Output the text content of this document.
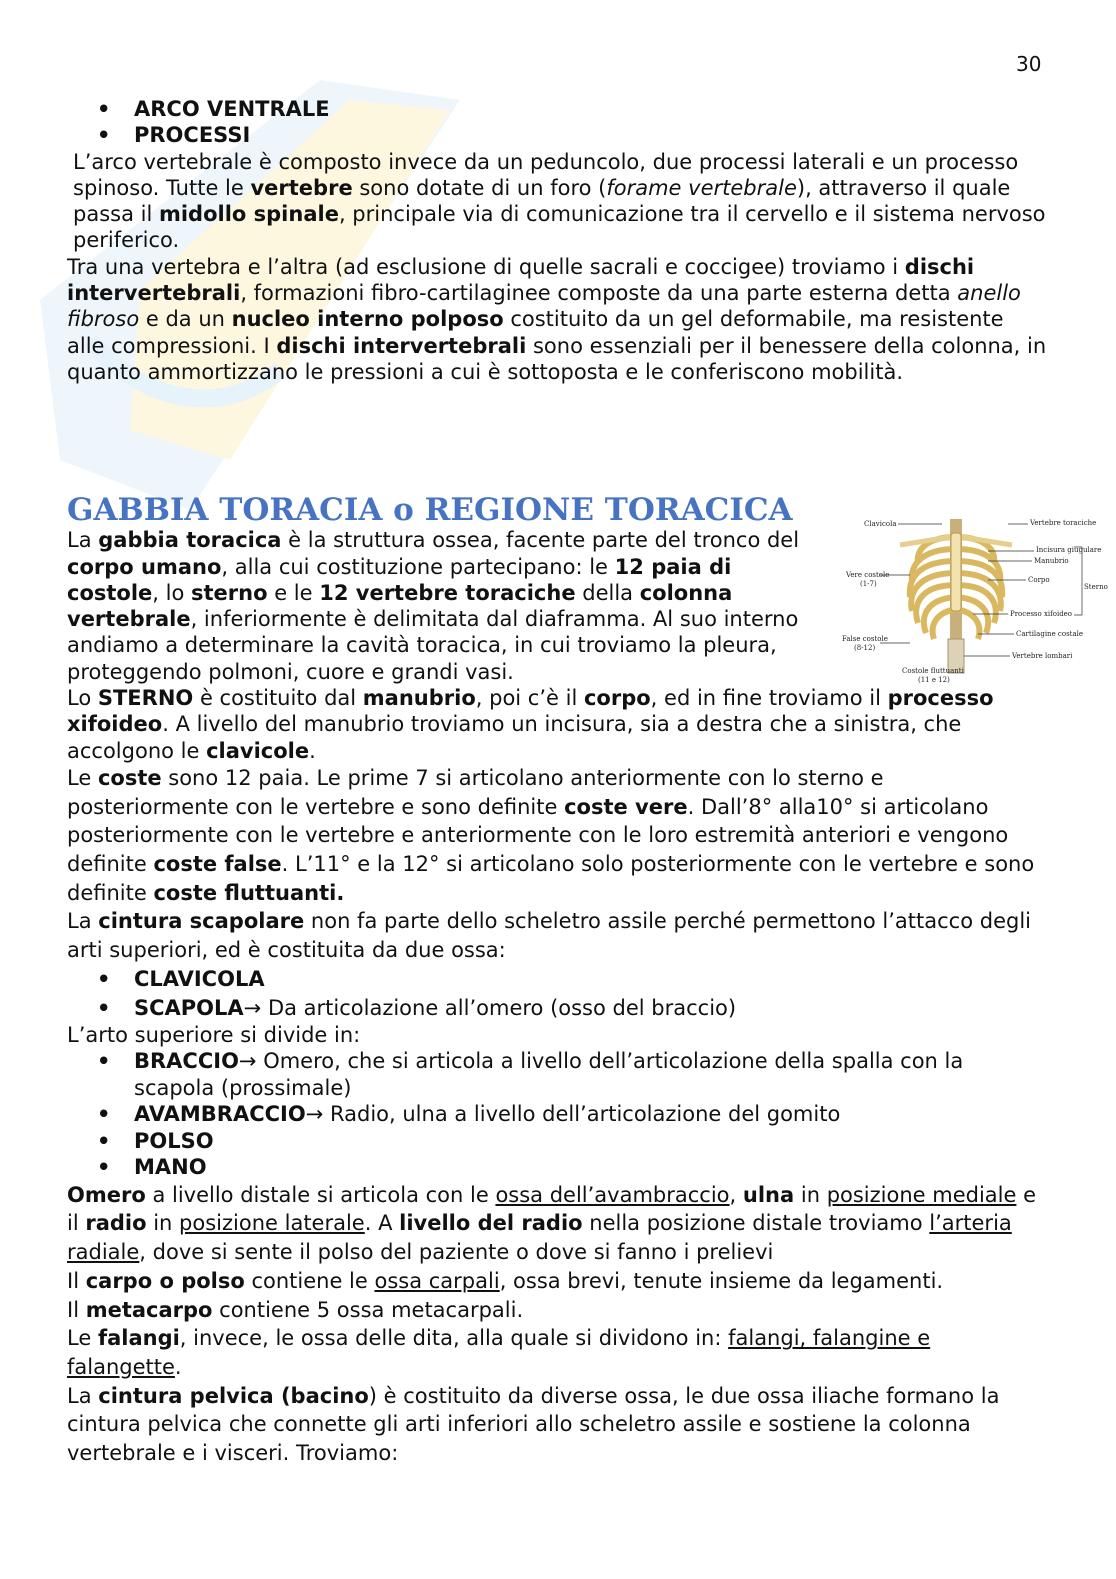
30
• ARCO VENTRALE
• PROCESSI

L’arco vertebrale è composto invece da un peduncolo, due processi laterali e un processo spinoso. Tutte le vertebre sono dotate di un foro (forame vertebrale), attraverso il quale passa il midollo spinale, principale via di comunicazione tra il cervello e il sistema nervoso periferico.

Tra una vertebra e l’altra (ad esclusione di quelle sacrali e coccigee) troviamo i dischi intervertebrali, formazioni fibro-cartilaginee composte da una parte esterna detta anello fibroso e da un nucleo interno polposo costituito da un gel deformabile, ma resistente alle compressioni. I dischi intervertebrali sono essenziali per il benessere della colonna, in quanto ammortizzano le pressioni a cui è sottoposta e le conferiscono mobilità.

GABBIA TORACIA o REGIONE TORACICA

La gabbia toracica è la struttura ossea, facente parte del tronco del corpo umano, alla cui costituzione partecipano: le 12 paia di costole, lo sterno e le 12 vertebre toraciche della colonna vertebrale, inferiormente è delimitata dal diaframma. Al suo interno andiamo a determinare la cavità toracica, in cui troviamo la pleura, proteggendo polmoni, cuore e grandi vasi.

Lo STERNO è costituito dal manubrio, poi c’è il corpo, ed in fine troviamo il processo xifoideo. A livello del manubrio troviamo un incisura, sia a destra che a sinistra, che accolgono le clavicole.

Le coste sono 12 paia. Le prime 7 si articolano anteriormente con lo sterno e posteriormente con le vertebre e sono definite coste vere. Dall’8° alla10° si articolano posteriormente con le vertebre e anteriormente con le loro estremità anteriori e vengono definite coste false. L’11° e la 12° si articolano solo posteriormente con le vertebre e sono definite coste fluttuanti.

La cintura scapolare non fa parte dello scheletro assile perché permettono l’attacco degli arti superiori, ed è costituita da due ossa:

• CLAVICOLA
• SCAPOLA→ Da articolazione all’omero (osso del braccio)

L’arto superiore si divide in:

• BRACCIO→ Omero, che si articola a livello dell’articolazione della spalla con la scapola (prossimale)
• AVAMBRACCIO→ Radio, ulna a livello dell’articolazione del gomito
• POLSO
• MANO

Omero a livello distale si articola con le ossa dell’avambraccio, ulna in posizione mediale e il radio in posizione laterale. A livello del radio nella posizione distale troviamo l’arteria radiale, dove si sente il polso del paziente o dove si fanno i prelievi

Il carpo o polso contiene le ossa carpali, ossa brevi, tenute insieme da legamenti.

Il metacarpo contiene 5 ossa metacarpali.

Le falangi, invece, le ossa delle dita, alla quale si dividono in: falangi, falangine e falangette.

La cintura pelvica (bacino) è costituito da diverse ossa, le due ossa iliache formano la cintura pelvica che connette gli arti inferiori allo scheletro assile e sostiene la colonna vertebrale e i visceri. Troviamo:

Clavicola	Vertebre toraciche
Incisura giugulare
Manubrio
Sterno
Corpo
Vere costole
(1-7)
Processo xifoideo
Cartilagine costale
False costole
(8-12)
Vertebre lombari
Costole fluttuanti
(11 e 12)
